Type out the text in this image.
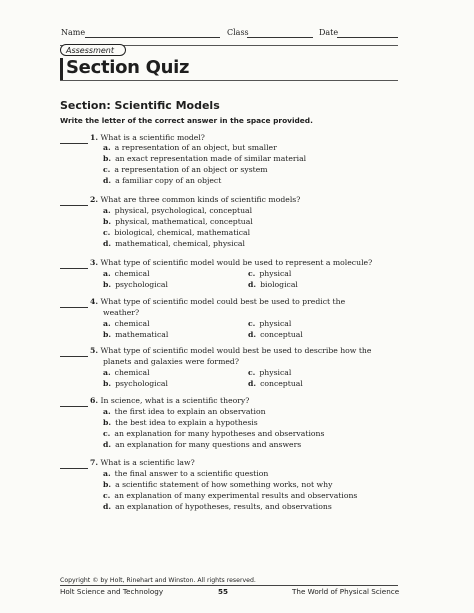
Name	Class	Date
Assessment
Section Quiz
Section: Scientific Models
Write the letter of the correct answer in the space provided.
1. What is a scientific model?
a. a representation of an object, but smaller
b. an exact representation made of similar material
c. a representation of an object or system
d. a familiar copy of an object
2. What are three common kinds of scientific models?
a. physical, psychological, conceptual
b. physical, mathematical, conceptual
c. biological, chemical, mathematical
d. mathematical, chemical, physical
3. What type of scientific model would be used to represent a molecule?
a. chemical	c. physical
b. psychological	d. biological
4. What type of scientific model could best be used to predict the
weather?
a. chemical	c. physical
b. mathematical	d. conceptual
5. What type of scientific model would best be used to describe how the
planets and galaxies were formed?
a. chemical	c. physical
b. psychological	d. conceptual
6. In science, what is a scientific theory?
a. the first idea to explain an observation
b. the best idea to explain a hypothesis
c. an explanation for many hypotheses and observations
d. an explanation for many questions and answers
7. What is a scientific law?
a. the final answer to a scientific question
b. a scientific statement of how something works, not why
c. an explanation of many experimental results and observations
d. an explanation of hypotheses, results, and observations
Copyright © by Holt, Rinehart and Winston. All rights reserved.
Holt Science and Technology	55	The World of Physical Science
